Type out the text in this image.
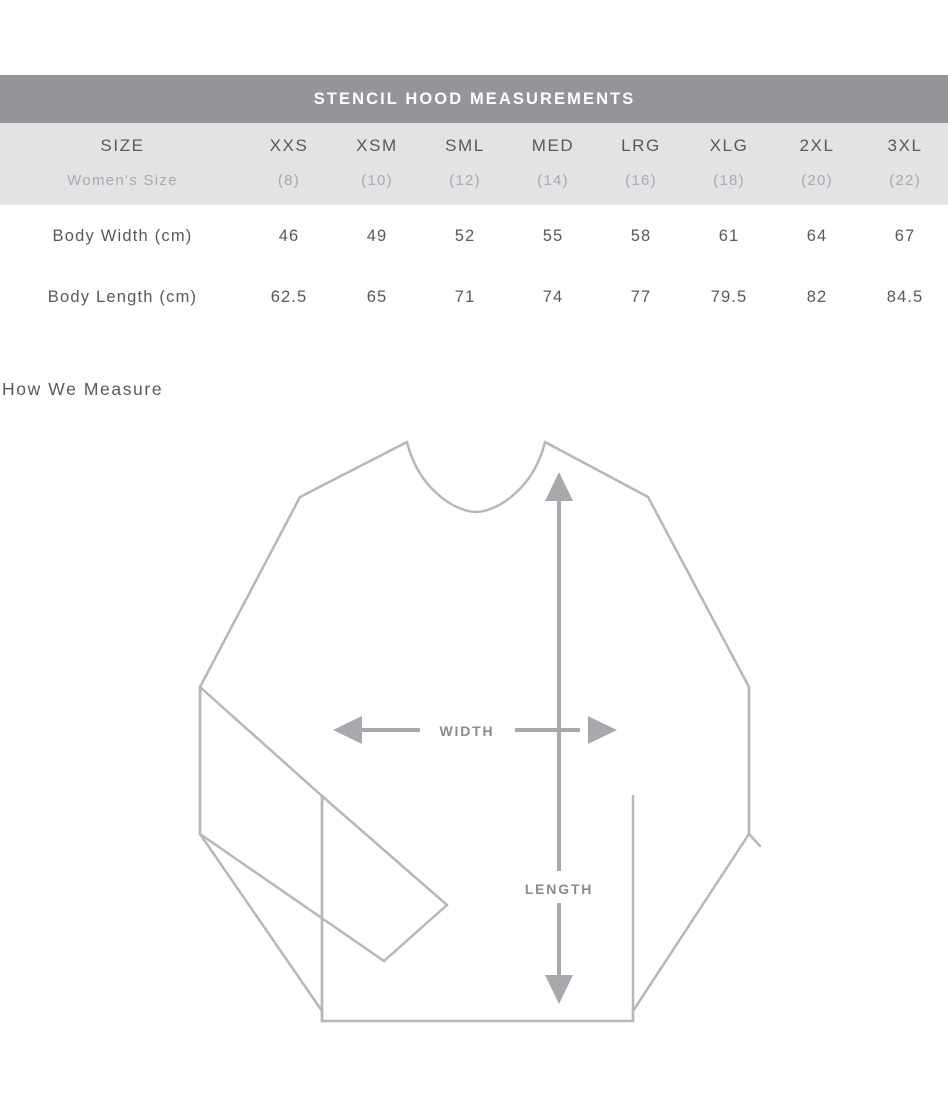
STENCIL HOOD MEASUREMENTS								
SIZE	XXS	XSM	SML	MED	LRG	XLG	2XL	3XL
Women's Size	(8)	(10)	(12)	(14)	(16)	(18)	(20)	(22)
Body Width (cm)	46	49	52	55	58	61	64	67
Body Length (cm)	62.5	65	71	74	77	79.5	82	84.5
How We Measure
WIDTH
LENGTH
